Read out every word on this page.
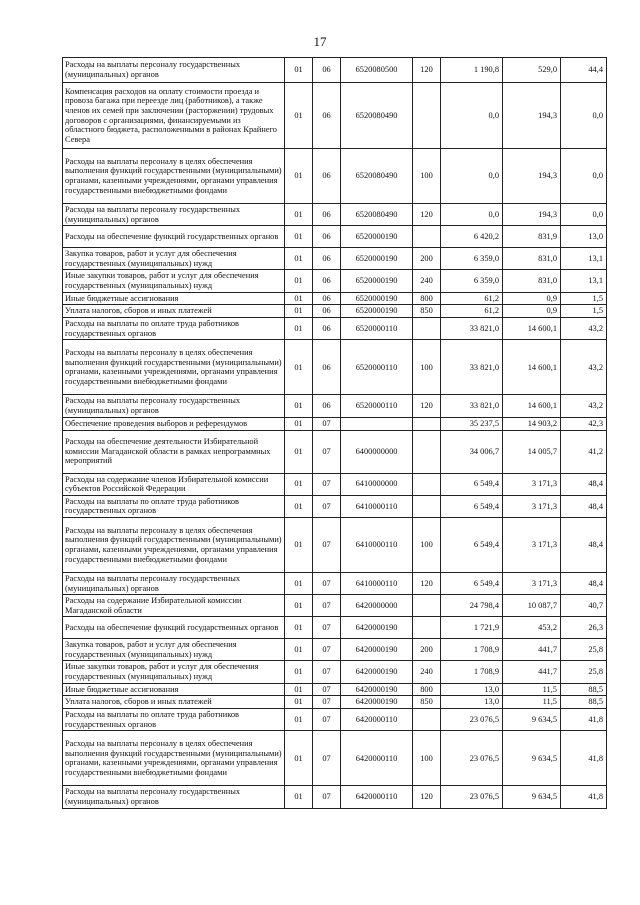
17
Расходы на выплаты персоналу государственных (муниципальных) органов	01	06	6520080500	120	1 190,8	529,0	44,4
Компенсация расходов на оплату стоимости проезда и провоза багажа при переезде лиц (работников), а также членов их семей при заключении (расторжении) трудовых договоров с организациями, финансируемыми из областного бюджета, расположенными в районах Крайнего Севера	01	06	6520080490		0,0	194,3	0,0
Расходы на выплаты персоналу в целях обеспечения выполнения функций государственными (муниципальными) органами, казенными учреждениями, органами управления государственными внебюджетными фондами	01	06	6520080490	100	0,0	194,3	0,0
Расходы на выплаты персоналу государственных (муниципальных) органов	01	06	6520080490	120	0,0	194,3	0,0
Расходы на обеспечение функций государственных органов	01	06	6520000190		6 420,2	831,9	13,0
Закупка товаров, работ и услуг для обеспечения государственных (муниципальных) нужд	01	06	6520000190	200	6 359,0	831,0	13,1
Иные закупки товаров, работ и услуг для обеспечения государственных (муниципальных) нужд	01	06	6520000190	240	6 359,0	831,0	13,1
Иные бюджетные ассигнования	01	06	6520000190	800	61,2	0,9	1,5
Уплата налогов, сборов и иных платежей	01	06	6520000190	850	61,2	0,9	1,5
Расходы на выплаты по оплате труда работников государственных органов	01	06	6520000110		33 821,0	14 600,1	43,2
Расходы на выплаты персоналу в целях обеспечения выполнения функций государственными (муниципальными) органами, казенными учреждениями, органами управления государственными внебюджетными фондами	01	06	6520000110	100	33 821,0	14 600,1	43,2
Расходы на выплаты персоналу государственных (муниципальных) органов	01	06	6520000110	120	33 821,0	14 600,1	43,2
Обеспечение проведения выборов и референдумов	01	07			35 237,5	14 903,2	42,3
Расходы на обеспечение деятельности Избирательной комиссии Магаданской области в рамках непрограммных мероприятий	01	07	6400000000		34 006,7	14 005,7	41,2
Расходы на содержание членов Избирательной комиссии субъектов Российской Федерации	01	07	6410000000		6 549,4	3 171,3	48,4
Расходы на выплаты по оплате труда работников государственных органов	01	07	6410000110		6 549,4	3 171,3	48,4
Расходы на выплаты персоналу в целях обеспечения выполнения функций государственными (муниципальными) органами, казенными учреждениями, органами управления государственными внебюджетными фондами	01	07	6410000110	100	6 549,4	3 171,3	48,4
Расходы на выплаты персоналу государственных (муниципальных) органов	01	07	6410000110	120	6 549,4	3 171,3	48,4
Расходы на содержание Избирательной комиссии Магаданской области	01	07	6420000000		24 798,4	10 087,7	40,7
Расходы на обеспечение функций государственных органов	01	07	6420000190		1 721,9	453,2	26,3
Закупка товаров, работ и услуг для обеспечения государственных (муниципальных) нужд	01	07	6420000190	200	1 708,9	441,7	25,8
Иные закупки товаров, работ и услуг для обеспечения государственных (муниципальных) нужд	01	07	6420000190	240	1 708,9	441,7	25,8
Иные бюджетные ассигнования	01	07	6420000190	800	13,0	11,5	88,5
Уплата налогов, сборов и иных платежей	01	07	6420000190	850	13,0	11,5	88,5
Расходы на выплаты по оплате труда работников государственных органов	01	07	6420000110		23 076,5	9 634,5	41,8
Расходы на выплаты персоналу в целях обеспечения выполнения функций государственными (муниципальными) органами, казенными учреждениями, органами управления государственными внебюджетными фондами	01	07	6420000110	100	23 076,5	9 634,5	41,8
Расходы на выплаты персоналу государственных (муниципальных) органов	01	07	6420000110	120	23 076,5	9 634,5	41,8
